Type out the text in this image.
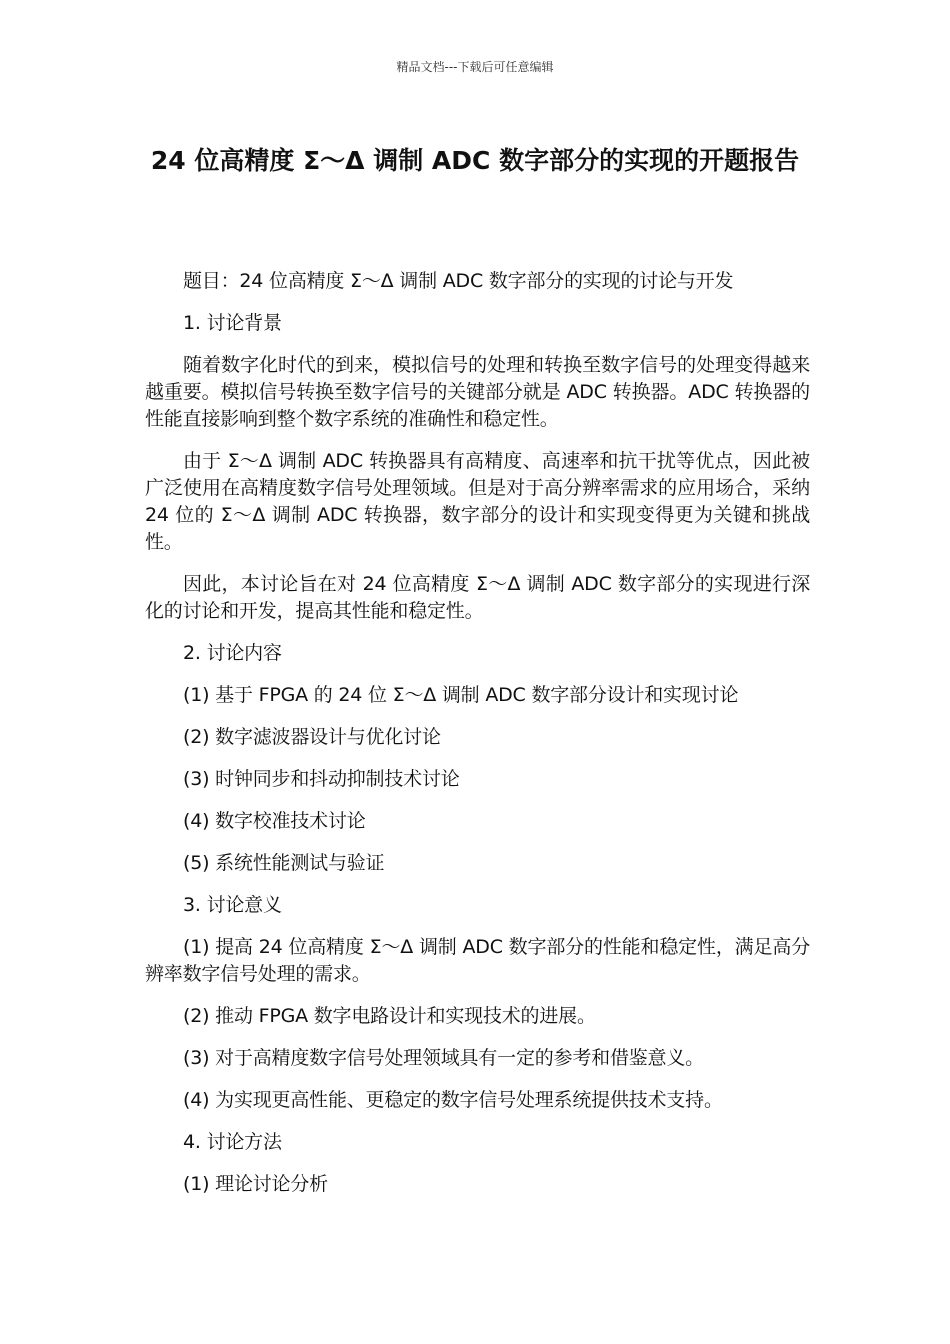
精品文档---下载后可任意编辑
24 位高精度 Σ～Δ 调制 ADC 数字部分的实现的开题报告

题目：24 位高精度 Σ～Δ 调制 ADC 数字部分的实现的讨论与开发

1. 讨论背景

随着数字化时代的到来，模拟信号的处理和转换至数字信号的处理变得越来越重要。模拟信号转换至数字信号的关键部分就是 ADC 转换器。ADC 转换器的性能直接影响到整个数字系统的准确性和稳定性。

由于 Σ～Δ 调制 ADC 转换器具有高精度、高速率和抗干扰等优点，因此被广泛使用在高精度数字信号处理领域。但是对于高分辨率需求的应用场合，采纳 24 位的 Σ～Δ 调制 ADC 转换器，数字部分的设计和实现变得更为关键和挑战性。

因此，本讨论旨在对 24 位高精度 Σ～Δ 调制 ADC 数字部分的实现进行深化的讨论和开发，提高其性能和稳定性。

2. 讨论内容

(1) 基于 FPGA 的 24 位 Σ～Δ 调制 ADC 数字部分设计和实现讨论

(2) 数字滤波器设计与优化讨论

(3) 时钟同步和抖动抑制技术讨论

(4) 数字校准技术讨论

(5) 系统性能测试与验证

3. 讨论意义

(1) 提高 24 位高精度 Σ～Δ 调制 ADC 数字部分的性能和稳定性，满足高分辨率数字信号处理的需求。

(2) 推动 FPGA 数字电路设计和实现技术的进展。

(3) 对于高精度数字信号处理领域具有一定的参考和借鉴意义。

(4) 为实现更高性能、更稳定的数字信号处理系统提供技术支持。

4. 讨论方法

(1) 理论讨论分析
